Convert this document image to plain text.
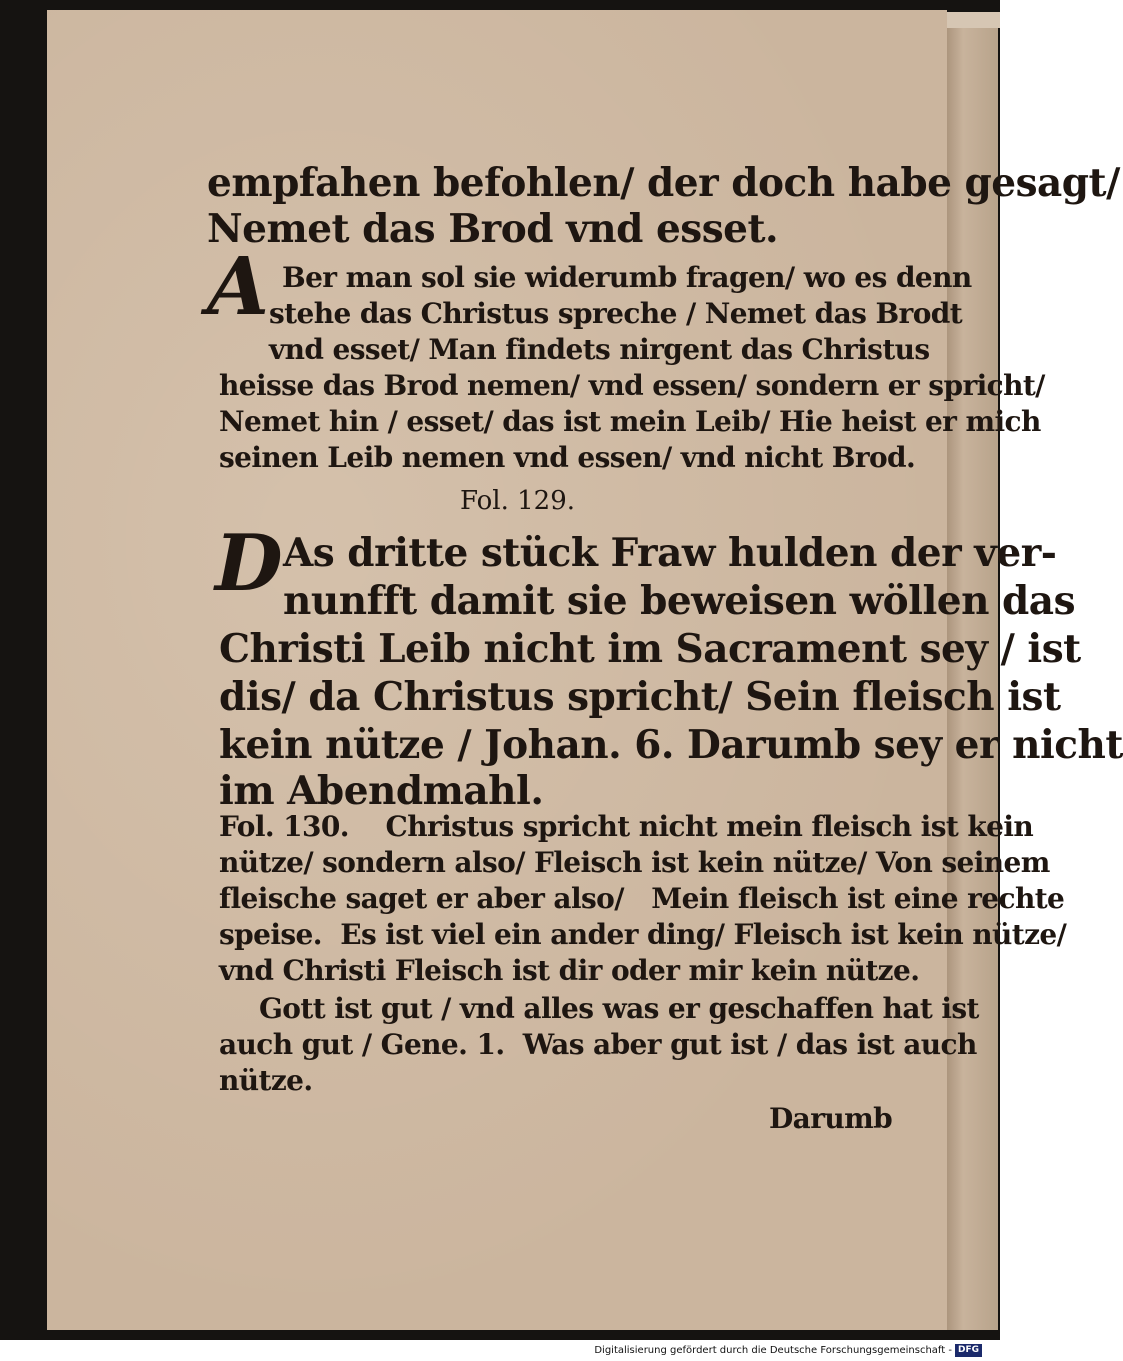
empfahen befohlen/ der doch habe gesagt/
Nemet das Brod vnd esset.
A Ber man sol sie widerumb fragen/ wo es denn
stehe das Christus spreche / Nemet das Brodt
vnd esset/ Man findets nirgent das Christus
heisse das Brod nemen/ vnd essen/ sondern er spricht/
Nemet hin / esset/ das ist mein Leib/ Hie heist er mich
seinen Leib nemen vnd essen/ vnd nicht Brod.
Fol. 129.
D As dritte stück Fraw hulden der ver-
nunfft damit sie beweisen wöllen das
Christi Leib nicht im Sacrament sey / ist
dis/ da Christus spricht/ Sein fleisch ist
kein nütze / Johan. 6. Darumb sey er nicht
im Abendmahl.
Fol. 130.    Christus spricht nicht mein fleisch ist kein
nütze/ sondern also/ Fleisch ist kein nütze/ Von seinem
fleische saget er aber also/   Mein fleisch ist eine rechte
speise.  Es ist viel ein ander ding/ Fleisch ist kein nütze/
vnd Christi Fleisch ist dir oder mir kein nütze.
Gott ist gut / vnd alles was er geschaffen hat ist
auch gut / Gene. 1.  Was aber gut ist / das ist auch
nütze.
Darumb
Digitalisierung gefördert durch die Deutsche Forschungsgemeinschaft - DFG
